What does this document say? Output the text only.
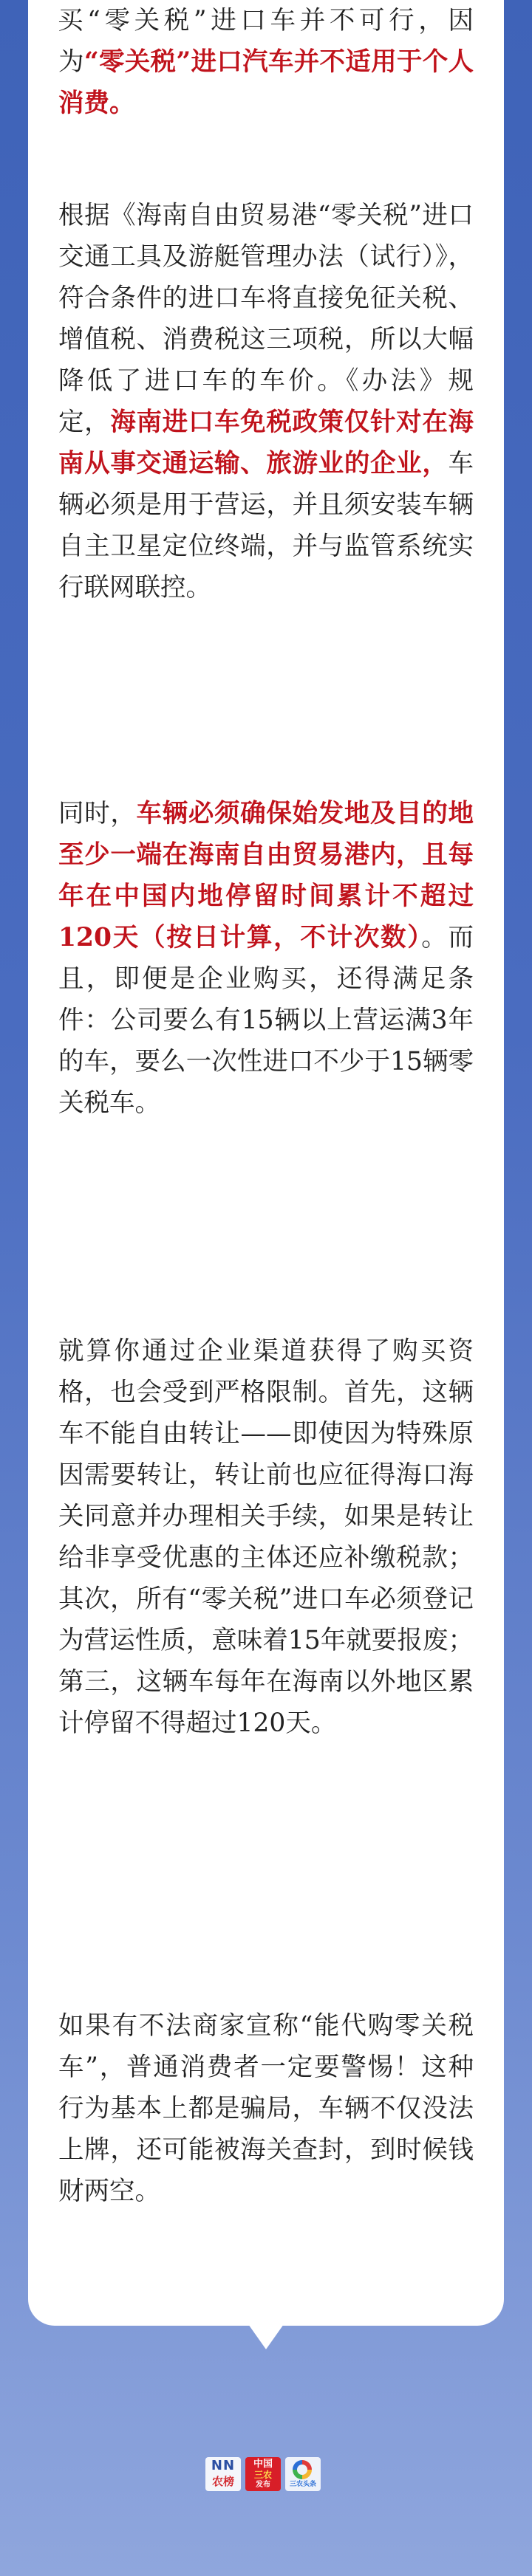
买“零关税”进口车并不可行，因为“零关税”进口汽车并不适用于个人消费。

根据《海南自由贸易港“零关税”进口交通工具及游艇管理办法（试行）》，符合条件的进口车将直接免征关税、增值税、消费税这三项税，所以大幅降低了进口车的车价。《办法》规定，海南进口车免税政策仅针对在海南从事交通运输、旅游业的企业，车辆必须是用于营运，并且须安装车辆自主卫星定位终端，并与监管系统实行联网联控。

同时，车辆必须确保始发地及目的地至少一端在海南自由贸易港内，且每年在中国内地停留时间累计不超过120天（按日计算，不计次数）。而且，即便是企业购买，还得满足条件：公司要么有15辆以上营运满3年的车，要么一次性进口不少于15辆零关税车。

就算你通过企业渠道获得了购买资格，也会受到严格限制。首先，这辆车不能自由转让——即使因为特殊原因需要转让，转让前也应征得海口海关同意并办理相关手续，如果是转让给非享受优惠的主体还应补缴税款；其次，所有“零关税”进口车必须登记为营运性质，意味着15年就要报废；第三，这辆车每年在海南以外地区累计停留不得超过120天。

如果有不法商家宣称“能代购零关税车”，普通消费者一定要警惕！这种行为基本上都是骗局，车辆不仅没法上牌，还可能被海关查封，到时候钱财两空。

NN
农榜
中国
三农
发布	三农头条
